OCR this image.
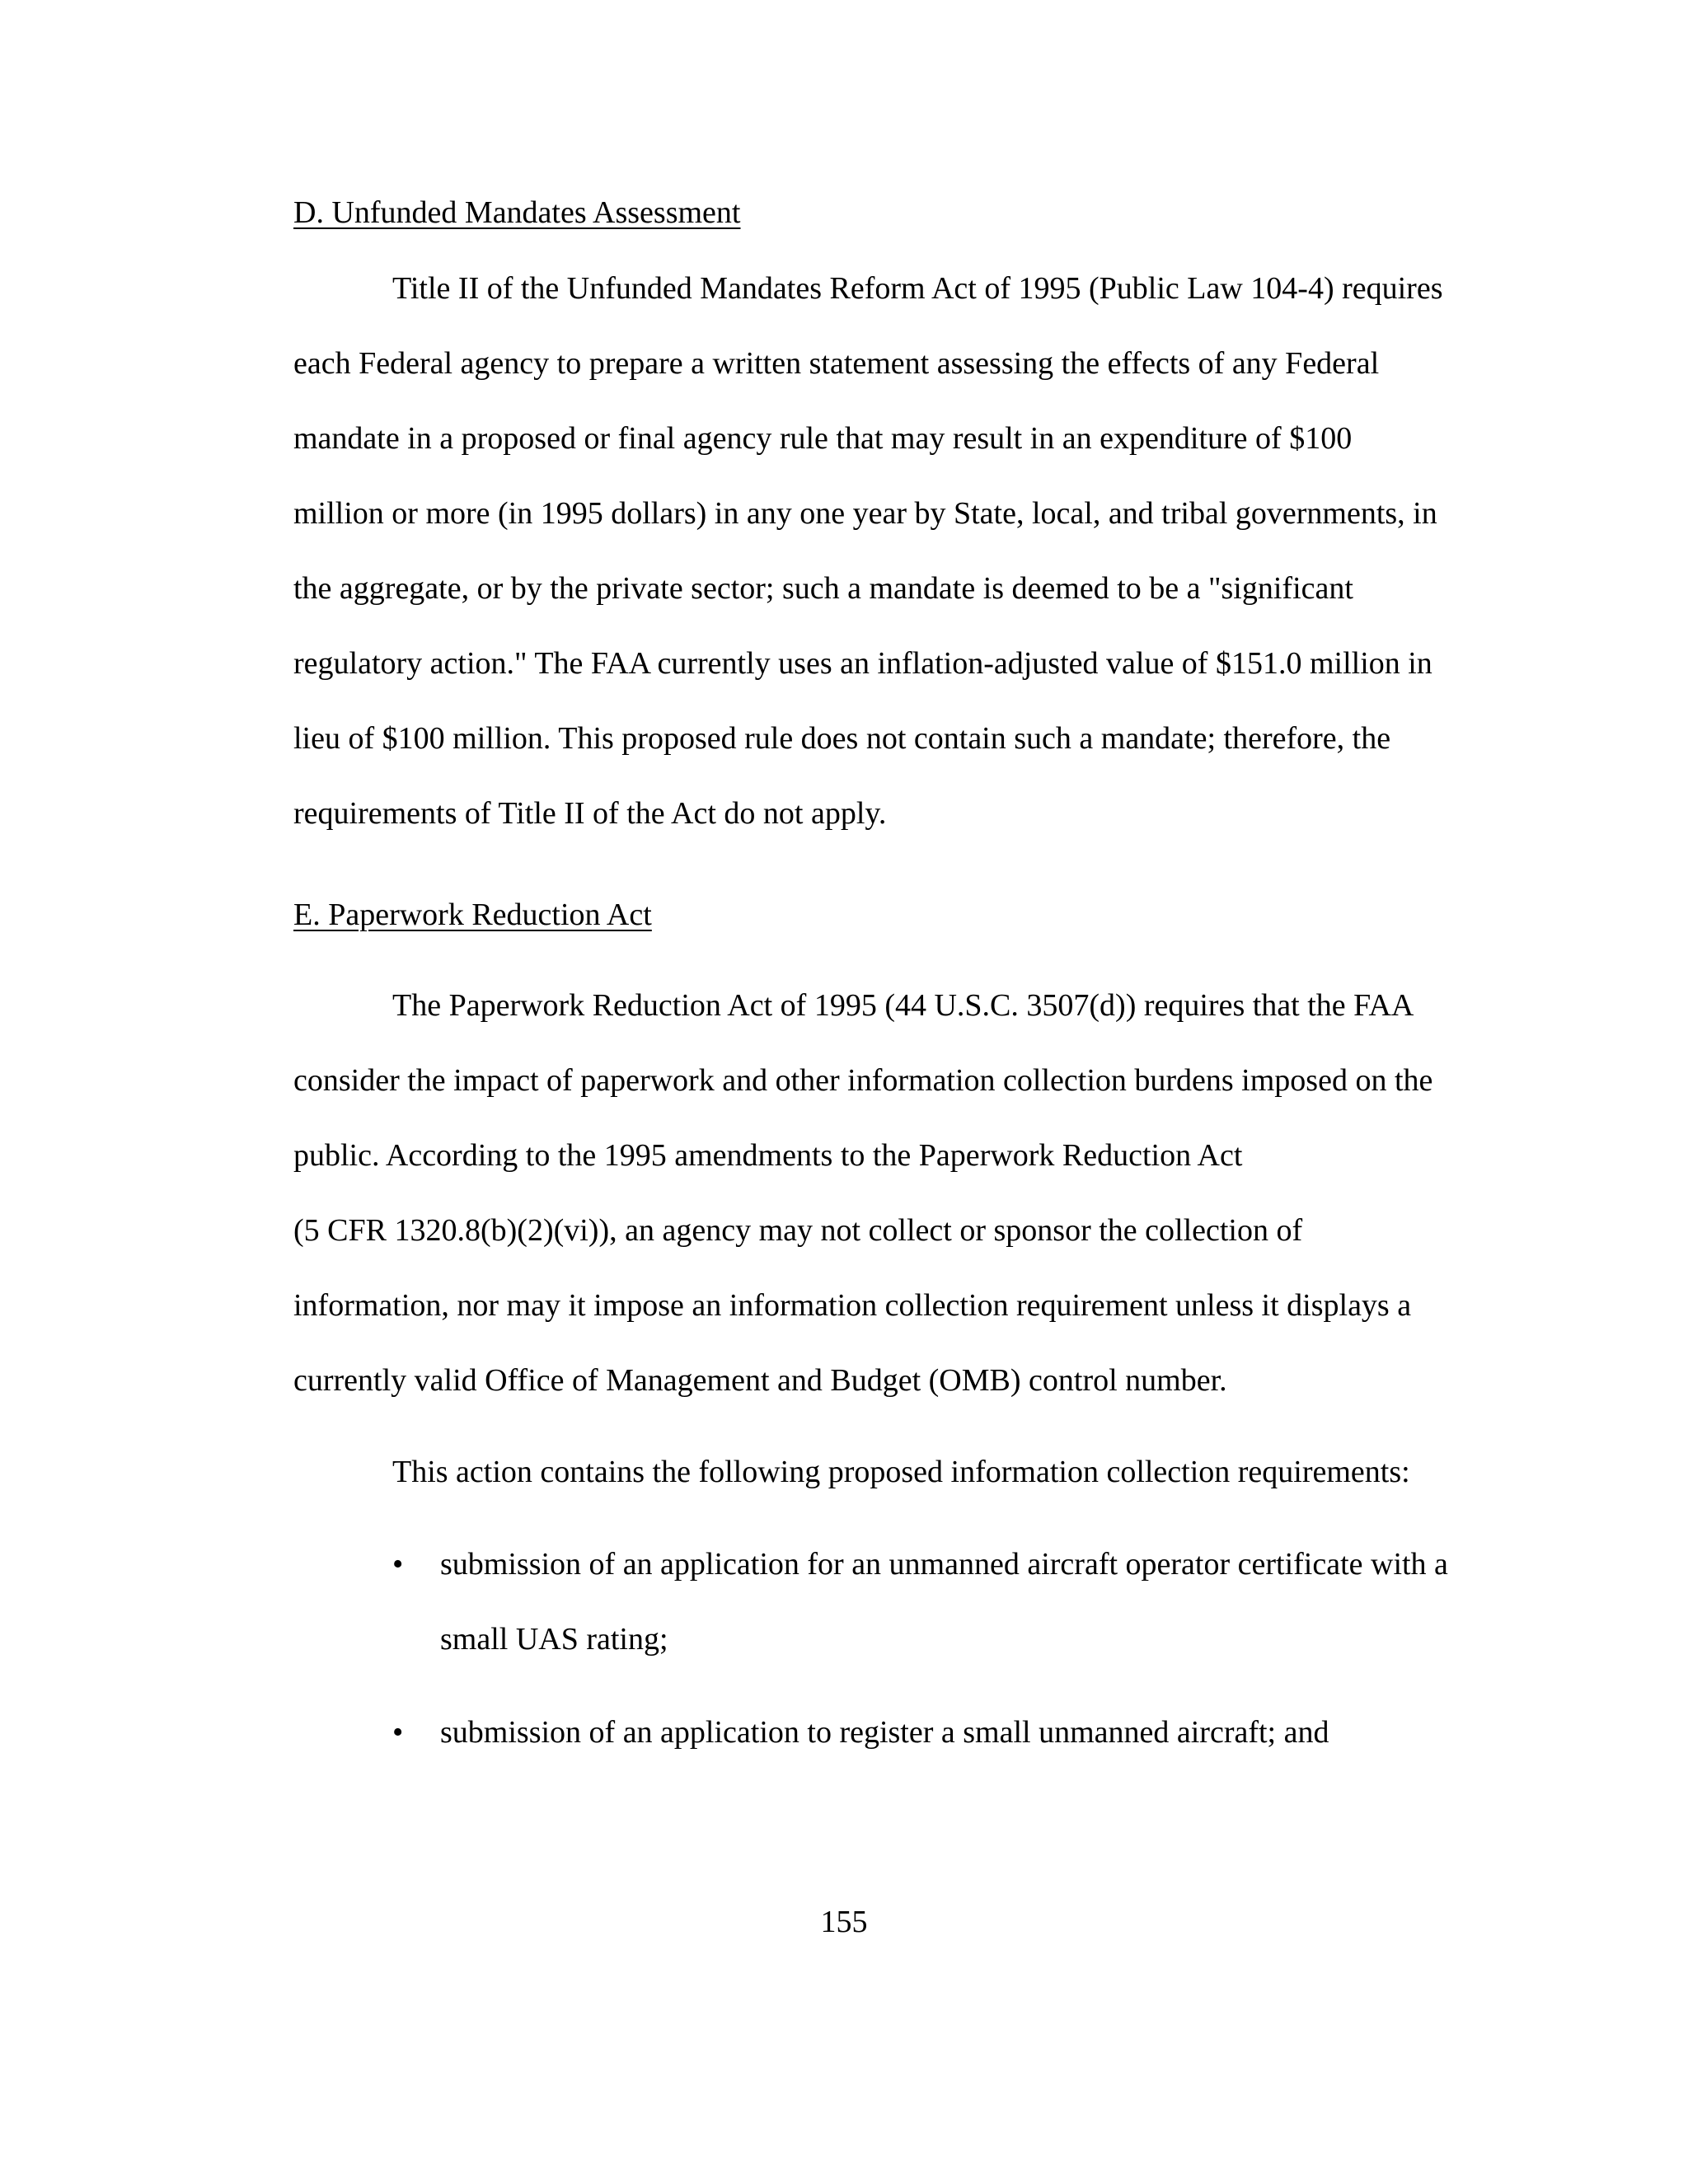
D. Unfunded Mandates Assessment
Title II of the Unfunded Mandates Reform Act of 1995 (Public Law 104-4) requires
each Federal agency to prepare a written statement assessing the effects of any Federal
mandate in a proposed or final agency rule that may result in an expenditure of $100
million or more (in 1995 dollars) in any one year by State, local, and tribal governments, in
the aggregate, or by the private sector; such a mandate is deemed to be a "significant
regulatory action." The FAA currently uses an inflation-adjusted value of $151.0 million in
lieu of $100 million. This proposed rule does not contain such a mandate; therefore, the
requirements of Title II of the Act do not apply.
E. Paperwork Reduction Act
The Paperwork Reduction Act of 1995 (44 U.S.C. 3507(d)) requires that the FAA
consider the impact of paperwork and other information collection burdens imposed on the
public. According to the 1995 amendments to the Paperwork Reduction Act
(5 CFR 1320.8(b)(2)(vi)), an agency may not collect or sponsor the collection of
information, nor may it impose an information collection requirement unless it displays a
currently valid Office of Management and Budget (OMB) control number.
This action contains the following proposed information collection requirements:
• submission of an application for an unmanned aircraft operator certificate with a
small UAS rating;
• submission of an application to register a small unmanned aircraft; and
155
